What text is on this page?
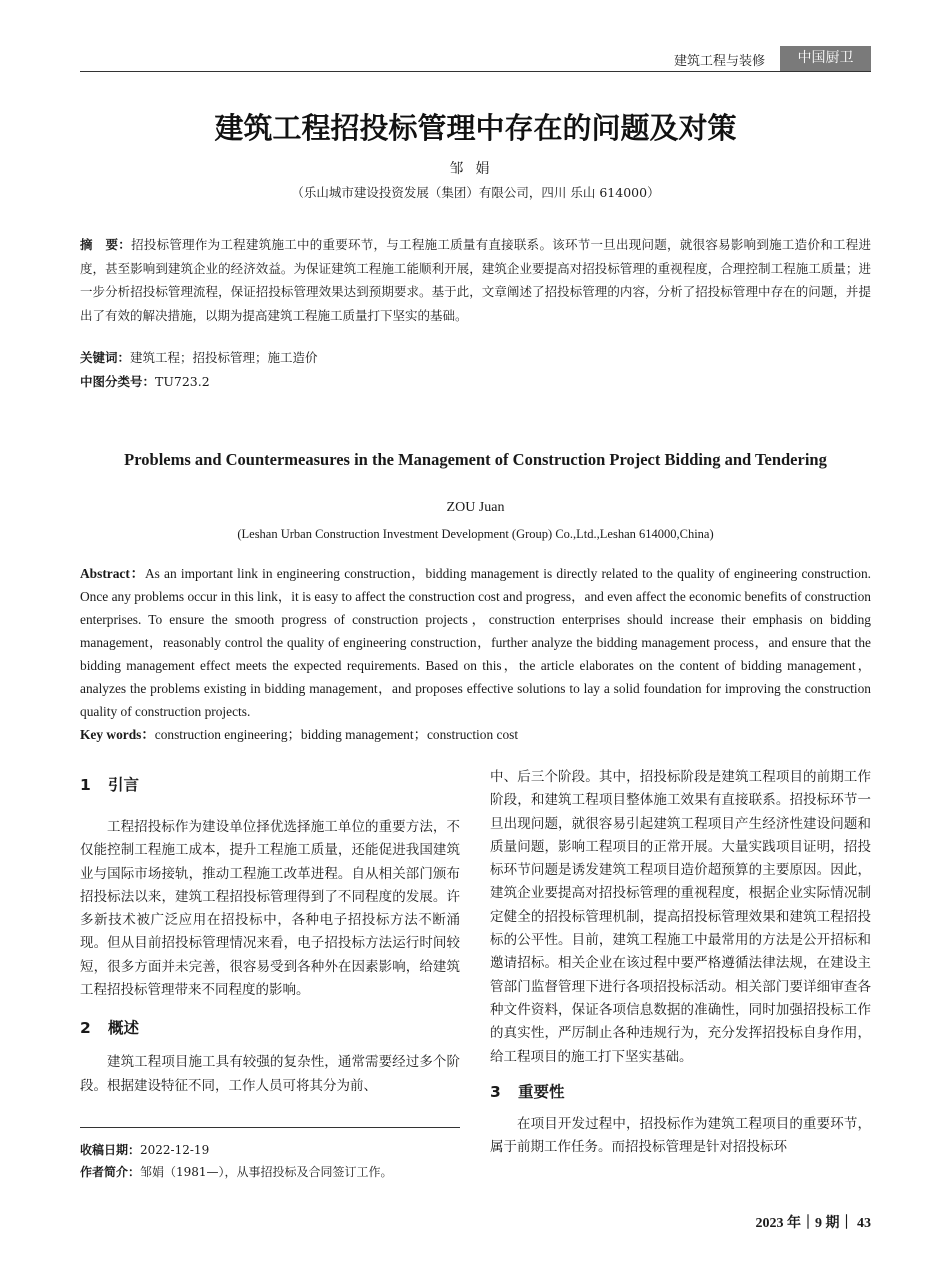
建筑工程与装修	中国厨卫
建筑工程招投标管理中存在的问题及对策
邹娟
（乐山城市建设投资发展（集团）有限公司，四川 乐山 614000）
摘　要：招投标管理作为工程建筑施工中的重要环节，与工程施工质量有直接联系。该环节一旦出现问题，就很容易影响到施工造价和工程进度，甚至影响到建筑企业的经济效益。为保证建筑工程施工能顺利开展，建筑企业要提高对招投标管理的重视程度，合理控制工程施工质量；进一步分析招投标管理流程，保证招投标管理效果达到预期要求。基于此，文章阐述了招投标管理的内容，分析了招投标管理中存在的问题，并提出了有效的解决措施，以期为提高建筑工程施工质量打下坚实的基础。
关键词：建筑工程；招投标管理；施工造价
中图分类号：TU723.2
Problems and Countermeasures in the Management of Construction Project Bidding and Tendering
ZOU Juan
(Leshan Urban Construction Investment Development (Group) Co.,Ltd.,Leshan 614000,China)
Abstract：As an important link in engineering construction，bidding management is directly related to the quality of engineering construction. Once any problems occur in this link，it is easy to affect the construction cost and progress，and even affect the economic benefits of construction enterprises. To ensure the smooth progress of construction projects，construction enterprises should increase their emphasis on bidding management，reasonably control the quality of engineering construction，further analyze the bidding management process，and ensure that the bidding management effect meets the expected requirements. Based on this，the article elaborates on the content of bidding management，analyzes the problems existing in bidding management，and proposes effective solutions to lay a solid foundation for improving the construction quality of construction projects.
Key words：construction engineering；bidding management；construction cost
1 引言

工程招投标作为建设单位择优选择施工单位的重要方法，不仅能控制工程施工成本，提升工程施工质量，还能促进我国建筑业与国际市场接轨，推动工程施工改革进程。自从相关部门颁布招投标法以来，建筑工程招投标管理得到了不同程度的发展。许多新技术被广泛应用在招投标中，各种电子招投标方法不断涌现。但从目前招投标管理情况来看，电子招投标方法运行时间较短，很多方面并未完善，很容易受到各种外在因素影响，给建筑工程招投标管理带来不同程度的影响。

2 概述

建筑工程项目施工具有较强的复杂性，通常需要经过多个阶段。根据建设特征不同，工作人员可将其分为前、

中、后三个阶段。其中，招投标阶段是建筑工程项目的前期工作阶段，和建筑工程项目整体施工效果有直接联系。招投标环节一旦出现问题，就很容易引起建筑工程项目产生经济性建设问题和质量问题，影响工程项目的正常开展。大量实践项目证明，招投标环节问题是诱发建筑工程项目造价超预算的主要原因。因此，建筑企业要提高对招投标管理的重视程度，根据企业实际情况制定健全的招投标管理机制，提高招投标管理效果和建筑工程招投标的公平性。目前，建筑工程施工中最常用的方法是公开招标和邀请招标。相关企业在该过程中要严格遵循法律法规，在建设主管部门监督管理下进行各项招投标活动。相关部门要详细审查各种文件资料，保证各项信息数据的准确性，同时加强招投标工作的真实性，严厉制止各种违规行为，充分发挥招投标自身作用，给工程项目的施工打下坚实基础。

3 重要性

在项目开发过程中，招投标作为建筑工程项目的重要环节，属于前期工作任务。而招投标管理是针对招投标环

收稿日期：2022-12-19
作者简介：邹娟（1981—），从事招投标及合同签订工作。
2023 年｜9 期｜ 43
